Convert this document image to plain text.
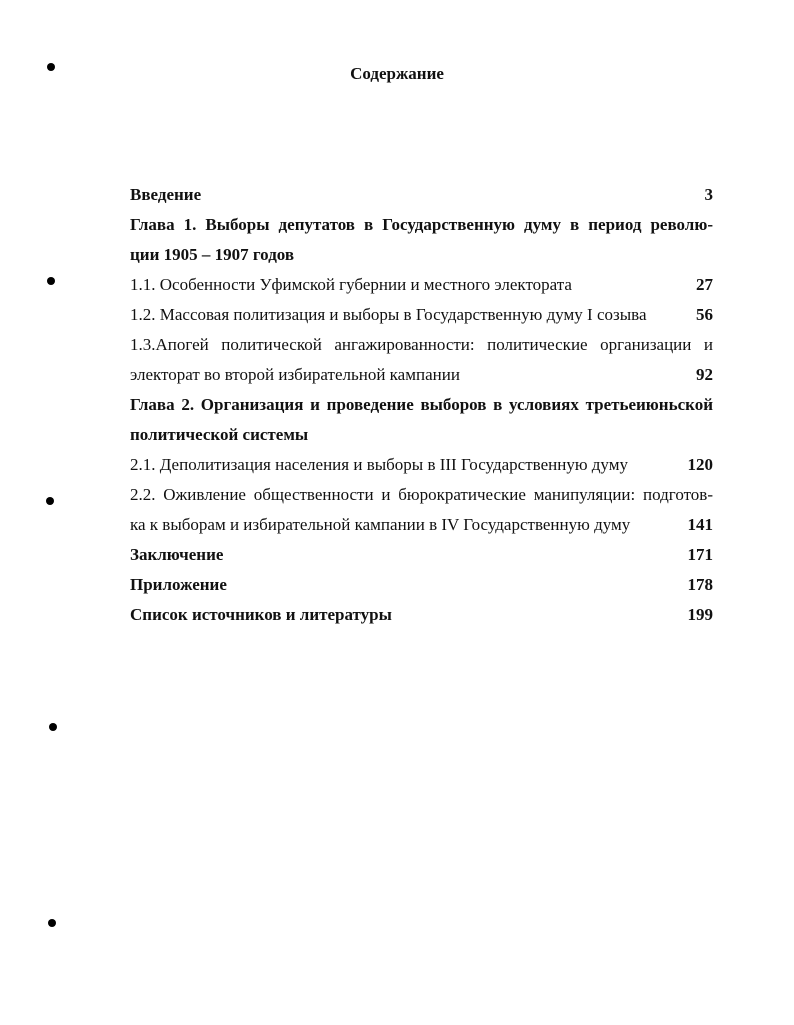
Содержание
Введение	3
Глава 1. Выборы депутатов в Государственную думу в период револю-
ции 1905 – 1907 годов
1.1. Особенности Уфимской губернии и местного электората	27
1.2. Массовая политизация и выборы в Государственную думу I созыва	56
1.3.Апогей политической ангажированности: политические организации и
электорат во второй избирательной кампании	92
Глава 2. Организация и проведение выборов в условиях третьеиюньской
политической системы
2.1. Деполитизация населения и выборы в III Государственную думу	120
2.2. Оживление общественности и бюрократические манипуляции: подготов-
ка к выборам и избирательной кампании в IV Государственную думу	141
Заключение	171
Приложение	178
Список источников и литературы	199
